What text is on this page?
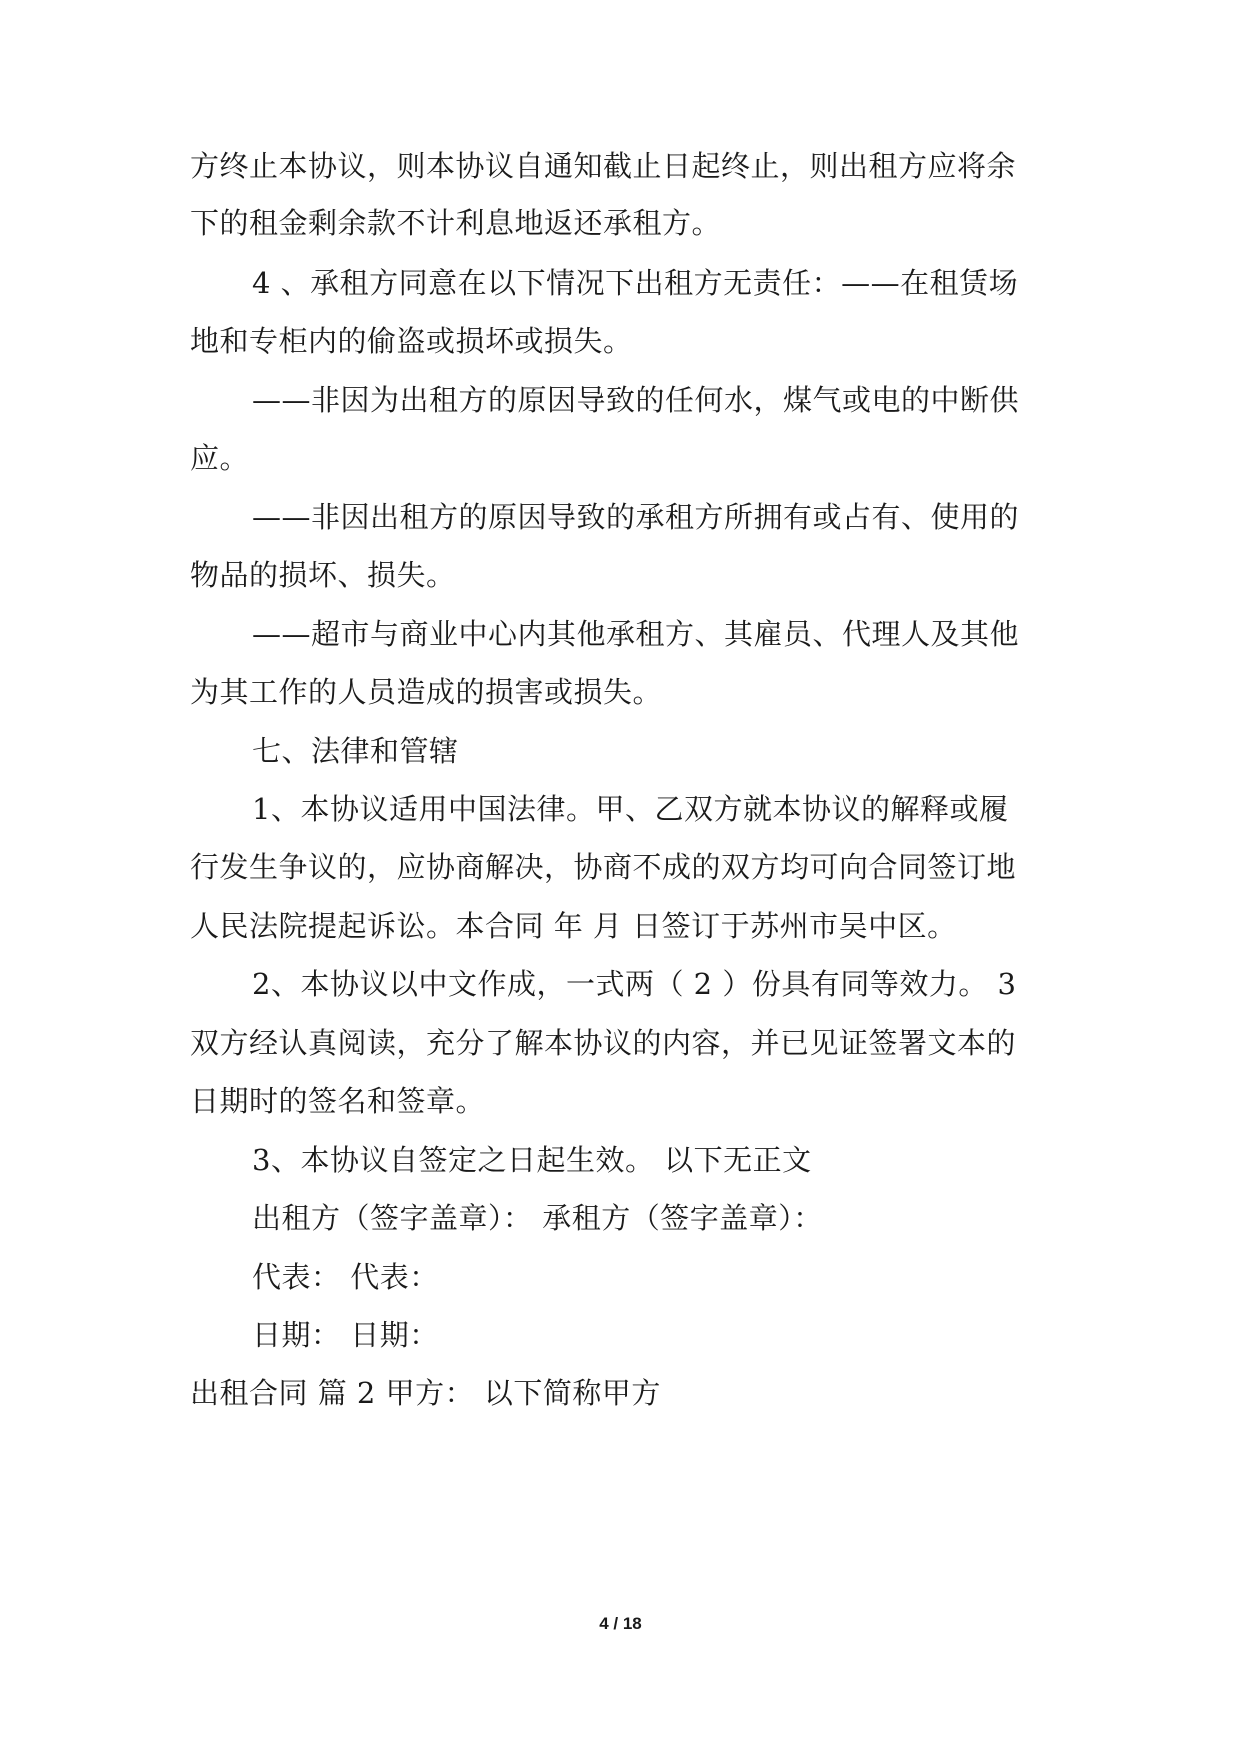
方终止本协议，则本协议自通知截止日起终止，则出租方应将余
下的租金剩余款不计利息地返还承租方。
4 、承租方同意在以下情况下出租方无责任：——在租赁场
地和专柜内的偷盗或损坏或损失。
——非因为出租方的原因导致的任何水，煤气或电的中断供
应。
——非因出租方的原因导致的承租方所拥有或占有、使用的
物品的损坏、损失。
——超市与商业中心内其他承租方、其雇员、代理人及其他
为其工作的人员造成的损害或损失。
七、法律和管辖
1、本协议适用中国法律。甲、乙双方就本协议的解释或履
行发生争议的，应协商解决，协商不成的双方均可向合同签订地
人民法院提起诉讼。本合同 年 月 日签订于苏州市吴中区。
2、本协议以中文作成，一式两（ 2 ）份具有同等效力。 3
双方经认真阅读，充分了解本协议的内容，并已见证签署文本的
日期时的签名和签章。
3、本协议自签定之日起生效。 以下无正文
出租方（签字盖章）： 承租方（签字盖章）：
代表： 代表：
日期： 日期：
出租合同 篇 2 甲方： 以下简称甲方
4 / 18
